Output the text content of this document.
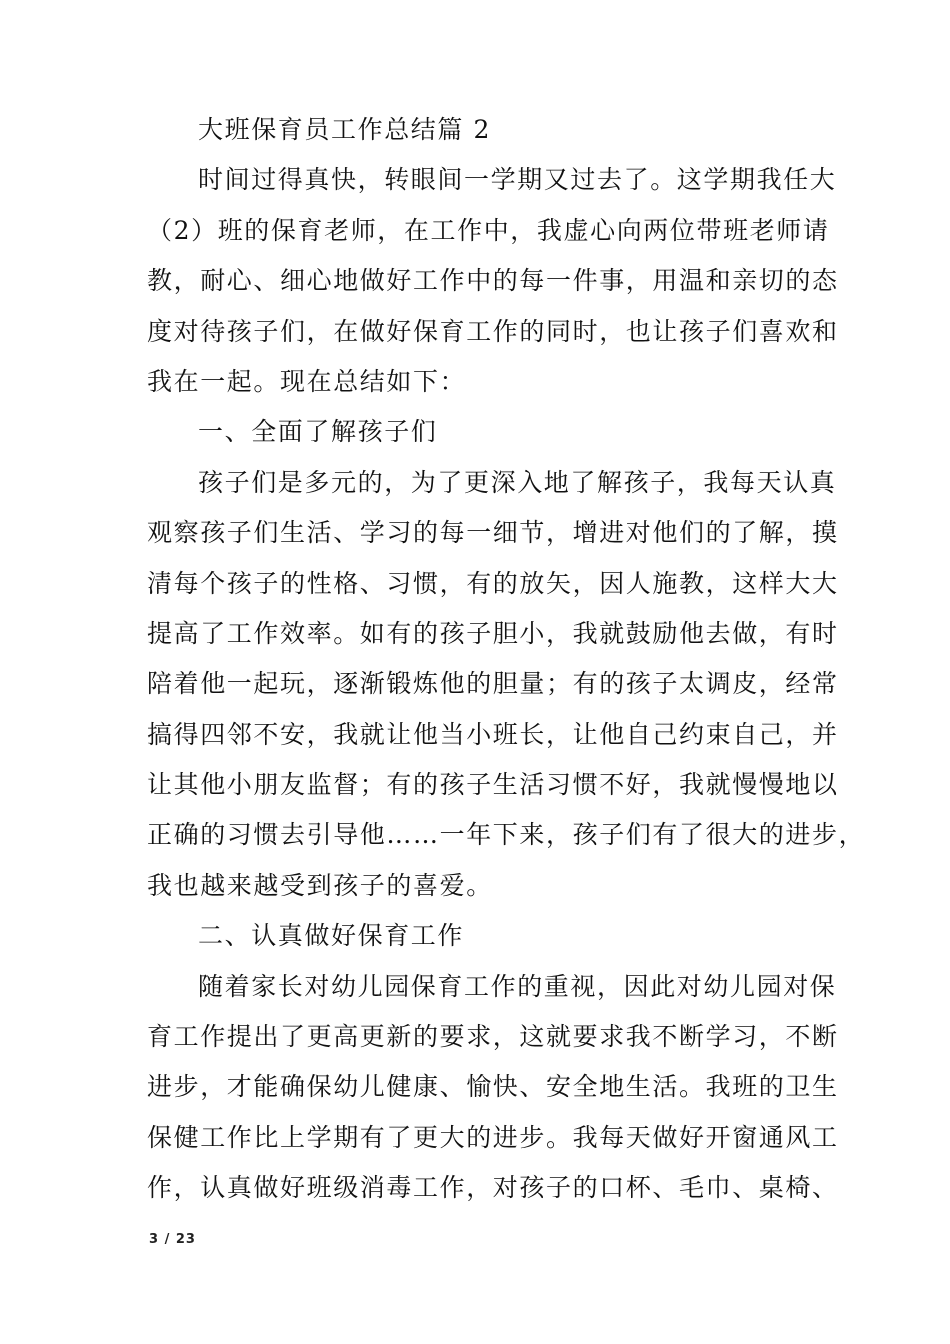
大班保育员工作总结篇 2
时间过得真快，转眼间一学期又过去了。这学期我任大
（2）班的保育老师，在工作中，我虚心向两位带班老师请
教，耐心、细心地做好工作中的每一件事，用温和亲切的态
度对待孩子们，在做好保育工作的同时，也让孩子们喜欢和
我在一起。现在总结如下：
一、全面了解孩子们
孩子们是多元的，为了更深入地了解孩子，我每天认真
观察孩子们生活、学习的每一细节，增进对他们的了解，摸
清每个孩子的性格、习惯，有的放矢，因人施教，这样大大
提高了工作效率。如有的孩子胆小，我就鼓励他去做，有时
陪着他一起玩，逐渐锻炼他的胆量；有的孩子太调皮，经常
搞得四邻不安，我就让他当小班长，让他自己约束自己，并
让其他小朋友监督；有的孩子生活习惯不好，我就慢慢地以
正确的习惯去引导他……一年下来，孩子们有了很大的进步，
我也越来越受到孩子的喜爱。
二、认真做好保育工作
随着家长对幼儿园保育工作的重视，因此对幼儿园对保
育工作提出了更高更新的要求，这就要求我不断学习，不断
进步，才能确保幼儿健康、愉快、安全地生活。我班的卫生
保健工作比上学期有了更大的进步。我每天做好开窗通风工
作，认真做好班级消毒工作，对孩子的口杯、毛巾、桌椅、
3 / 23
